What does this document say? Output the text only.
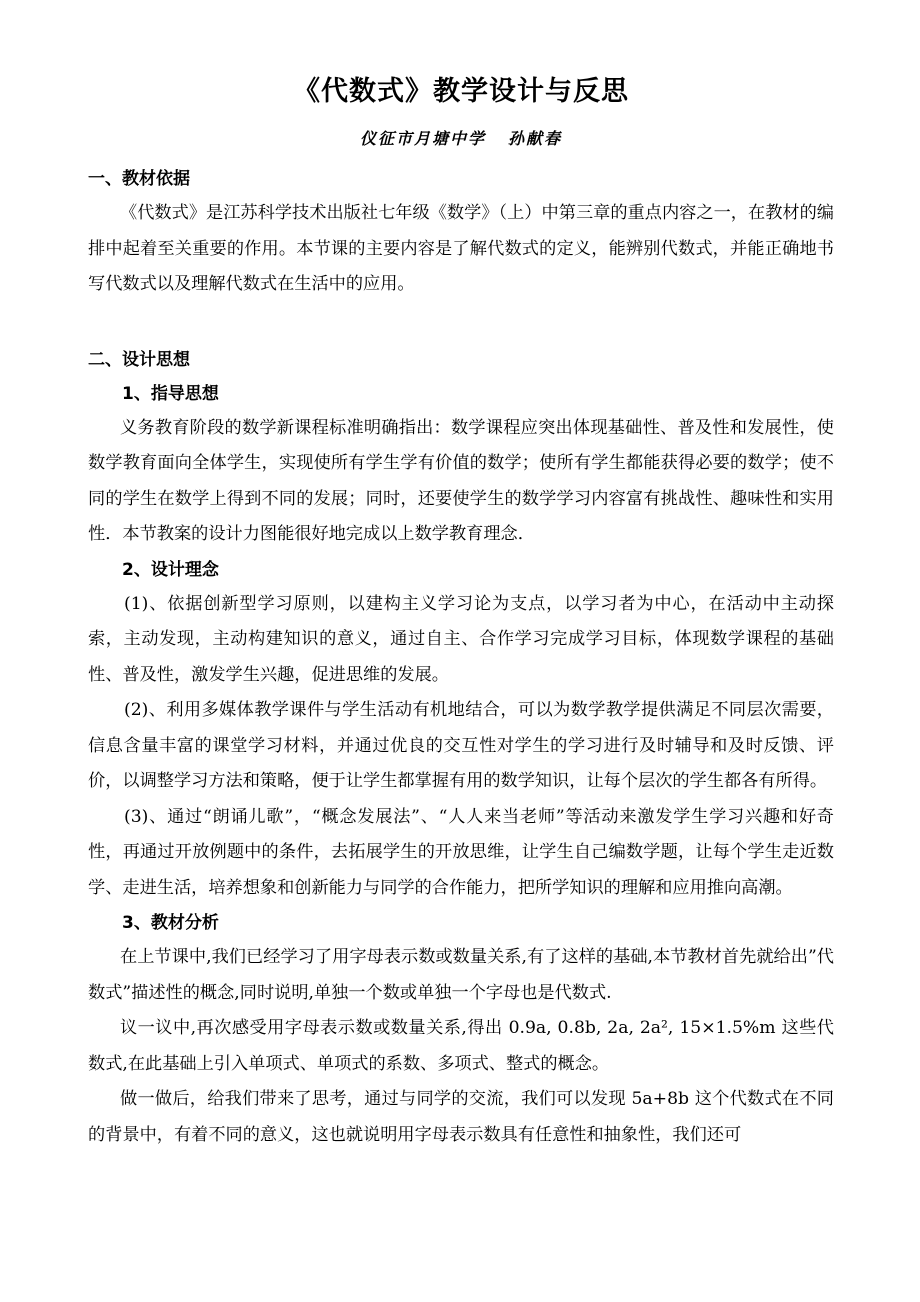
《代数式》教学设计与反思
仪征市月塘中学 孙献春
一、教材依据

《代数式》是江苏科学技术出版社七年级《数学》（上）中第三章的重点内容之一，在教材的编排中起着至关重要的作用。本节课的主要内容是了解代数式的定义，能辨别代数式，并能正确地书写代数式以及理解代数式在生活中的应用。

二、设计思想
1、指导思想

义务教育阶段的数学新课程标准明确指出：数学课程应突出体现基础性、普及性和发展性，使数学教育面向全体学生，实现使所有学生学有价值的数学；使所有学生都能获得必要的数学；使不同的学生在数学上得到不同的发展；同时，还要使学生的数学学习内容富有挑战性、趣味性和实用性．本节教案的设计力图能很好地完成以上数学教育理念．

2、设计理念

(1)、依据创新型学习原则，以建构主义学习论为支点，以学习者为中心，在活动中主动探索，主动发现，主动构建知识的意义，通过自主、合作学习完成学习目标，体现数学课程的基础性、普及性，激发学生兴趣，促进思维的发展。

(2)、利用多媒体教学课件与学生活动有机地结合，可以为数学教学提供满足不同层次需要，信息含量丰富的课堂学习材料，并通过优良的交互性对学生的学习进行及时辅导和及时反馈、评价，以调整学习方法和策略，便于让学生都掌握有用的数学知识，让每个层次的学生都各有所得。

(3)、通过“朗诵儿歌”，“概念发展法”、“人人来当老师”等活动来激发学生学习兴趣和好奇性，再通过开放例题中的条件，去拓展学生的开放思维，让学生自己编数学题，让每个学生走近数学、走进生活，培养想象和创新能力与同学的合作能力，把所学知识的理解和应用推向高潮。

3、教材分析

在上节课中,我们已经学习了用字母表示数或数量关系,有了这样的基础,本节教材首先就给出”代数式”描述性的概念,同时说明,单独一个数或单独一个字母也是代数式.

议一议中,再次感受用字母表示数或数量关系,得出 0.9a, 0.8b, 2a, 2a², 15×1.5%m 这些代数式,在此基础上引入单项式、单项式的系数、多项式、整式的概念。

做一做后，给我们带来了思考，通过与同学的交流，我们可以发现 5a+8b 这个代数式在不同的背景中，有着不同的意义，这也就说明用字母表示数具有任意性和抽象性，我们还可
